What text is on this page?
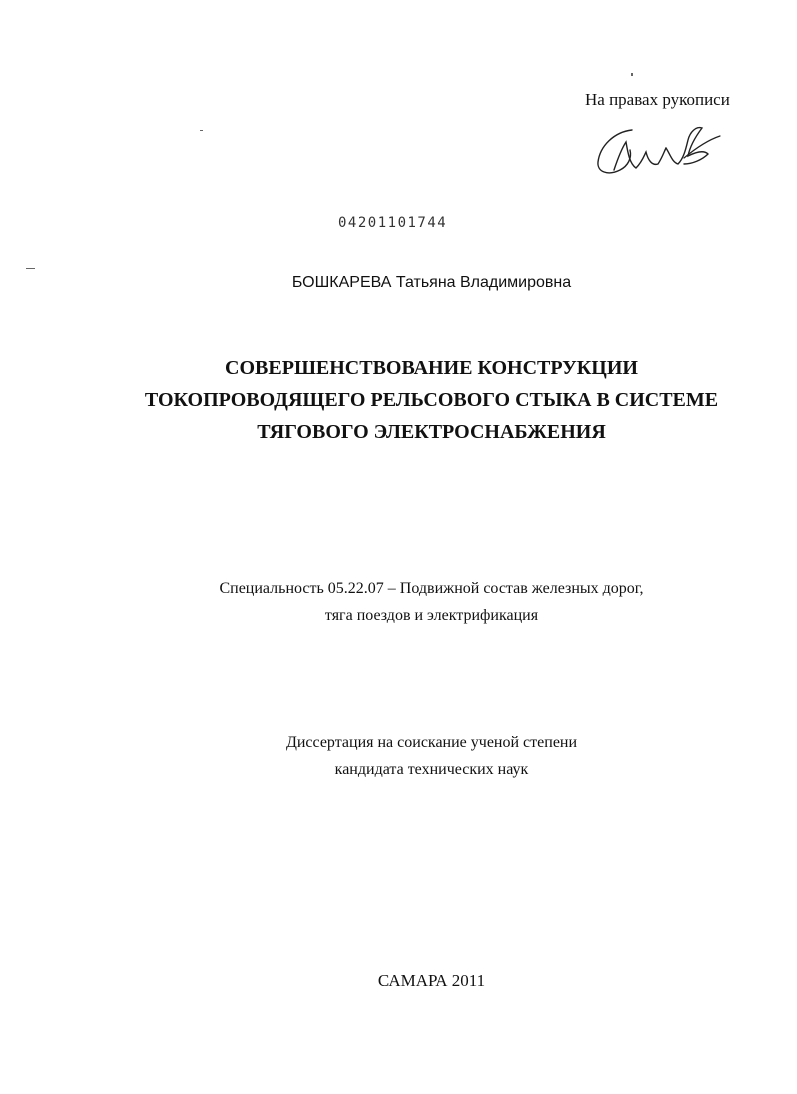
На правах рукописи
04201101744
БОШКАРЕВА Татьяна Владимировна
СОВЕРШЕНСТВОВАНИЕ КОНСТРУКЦИИ
ТОКОПРОВОДЯЩЕГО РЕЛЬСОВОГО СТЫКА В СИСТЕМЕ
ТЯГОВОГО ЭЛЕКТРОСНАБЖЕНИЯ
Специальность 05.22.07 – Подвижной состав железных дорог,
тяга поездов и электрификация
Диссертация на соискание ученой степени
кандидата технических наук
САМАРА 2011
